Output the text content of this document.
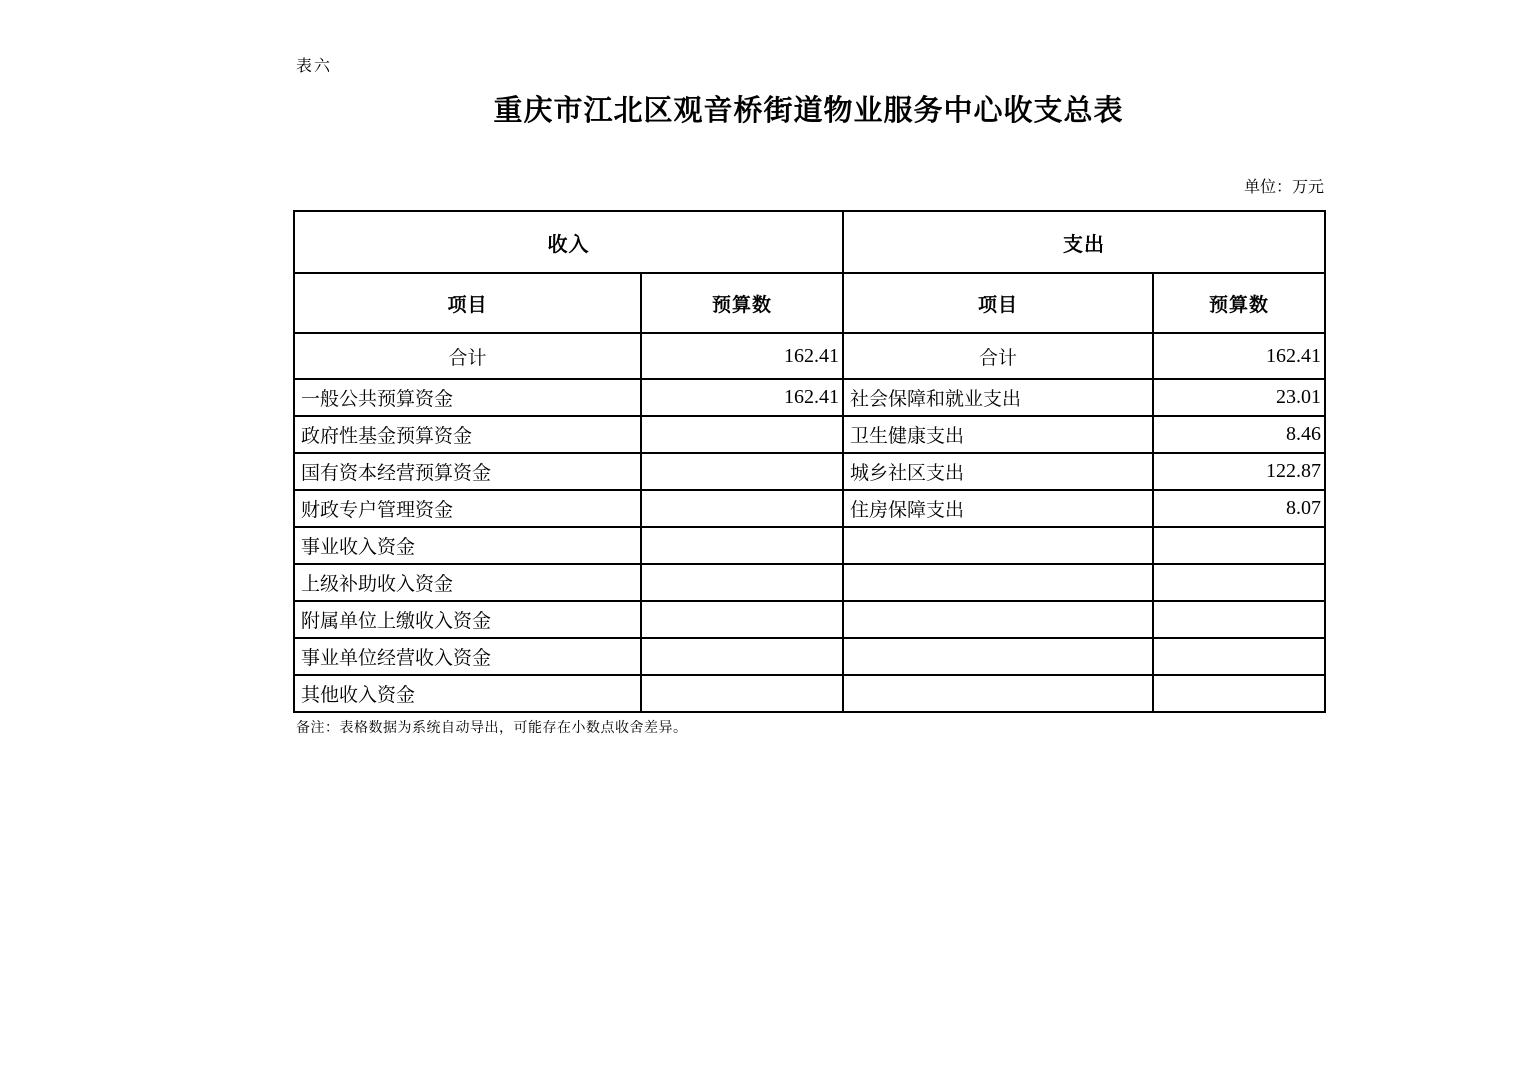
表六
重庆市江北区观音桥街道物业服务中心收支总表
单位：万元
收入		支出	
项目	预算数	项目	预算数
合计	162.41	合计	162.41
一般公共预算资金	162.41	社会保障和就业支出	23.01
政府性基金预算资金		卫生健康支出	8.46
国有资本经营预算资金		城乡社区支出	122.87
财政专户管理资金		住房保障支出	8.07
事业收入资金			
上级补助收入资金			
附属单位上缴收入资金			
事业单位经营收入资金			
其他收入资金			
备注：表格数据为系统自动导出，可能存在小数点收舍差异。
